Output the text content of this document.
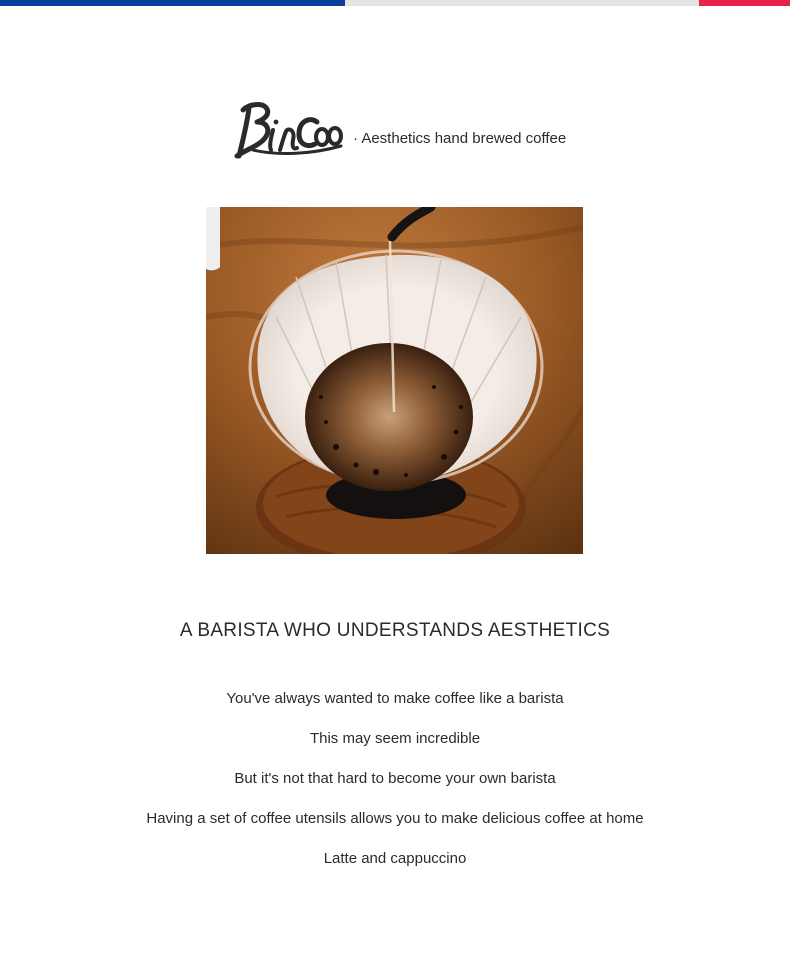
· Aesthetics hand brewed coffee
A BARISTA WHO UNDERSTANDS AESTHETICS
You've always wanted to make coffee like a barista
This may seem incredible
But it's not that hard to become your own barista
Having a set of coffee utensils allows you to make delicious coffee at home
Latte and cappuccino
